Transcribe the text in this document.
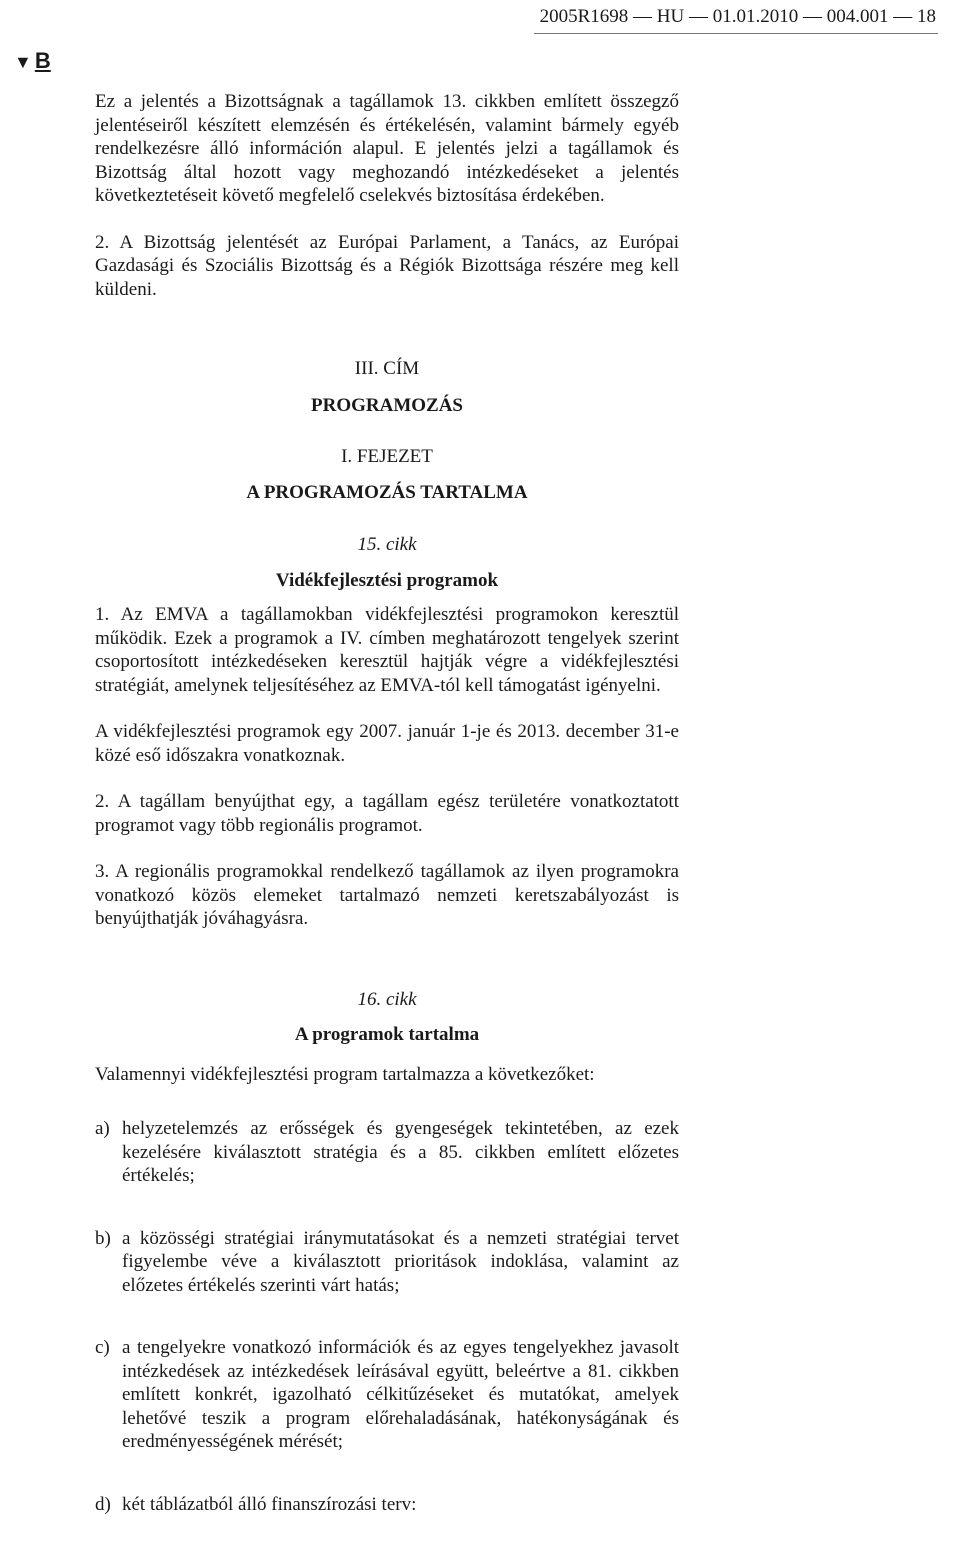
2005R1698 — HU — 01.01.2010 — 004.001 — 18
▼ B

Ez a jelentés a Bizottságnak a tagállamok 13. cikkben említett összegző jelentéseiről készített elemzésén és értékelésén, valamint bármely egyéb rendelkezésre álló információn alapul. E jelentés jelzi a tagállamok és Bizottság által hozott vagy meghozandó intézkedéseket a jelentés következtetéseit követő megfelelő cselekvés biztosítása érdekében.

2. A Bizottság jelentését az Európai Parlament, a Tanács, az Európai Gazdasági és Szociális Bizottság és a Régiók Bizottsága részére meg kell küldeni.

III. CÍM
PROGRAMOZÁS
I. FEJEZET
A PROGRAMOZÁS TARTALMA
15. cikk
Vidékfejlesztési programok

1. Az EMVA a tagállamokban vidékfejlesztési programokon keresztül működik. Ezek a programok a IV. címben meghatározott tengelyek szerint csoportosított intézkedéseken keresztül hajtják végre a vidékfejlesztési stratégiát, amelynek teljesítéséhez az EMVA-tól kell támogatást igényelni.

A vidékfejlesztési programok egy 2007. január 1-je és 2013. december 31-e közé eső időszakra vonatkoznak.

2. A tagállam benyújthat egy, a tagállam egész területére vonatkoztatott programot vagy több regionális programot.

3. A regionális programokkal rendelkező tagállamok az ilyen programokra vonatkozó közös elemeket tartalmazó nemzeti keretszabályozást is benyújthatják jóváhagyásra.

16. cikk
A programok tartalma

Valamennyi vidékfejlesztési program tartalmazza a következőket:

a) helyzetelemzés az erősségek és gyengeségek tekintetében, az ezek kezelésére kiválasztott stratégia és a 85. cikkben említett előzetes értékelés;
b) a közösségi stratégiai iránymutatásokat és a nemzeti stratégiai tervet figyelembe véve a kiválasztott prioritások indoklása, valamint az előzetes értékelés szerinti várt hatás;
c) a tengelyekre vonatkozó információk és az egyes tengelyekhez javasolt intézkedések az intézkedések leírásával együtt, beleértve a 81. cikkben említett konkrét, igazolható célkitűzéseket és mutatókat, amelyek lehetővé teszik a program előrehaladásának, hatékonyságának és eredményességének mérését;
d) két táblázatból álló finanszírozási terv:
